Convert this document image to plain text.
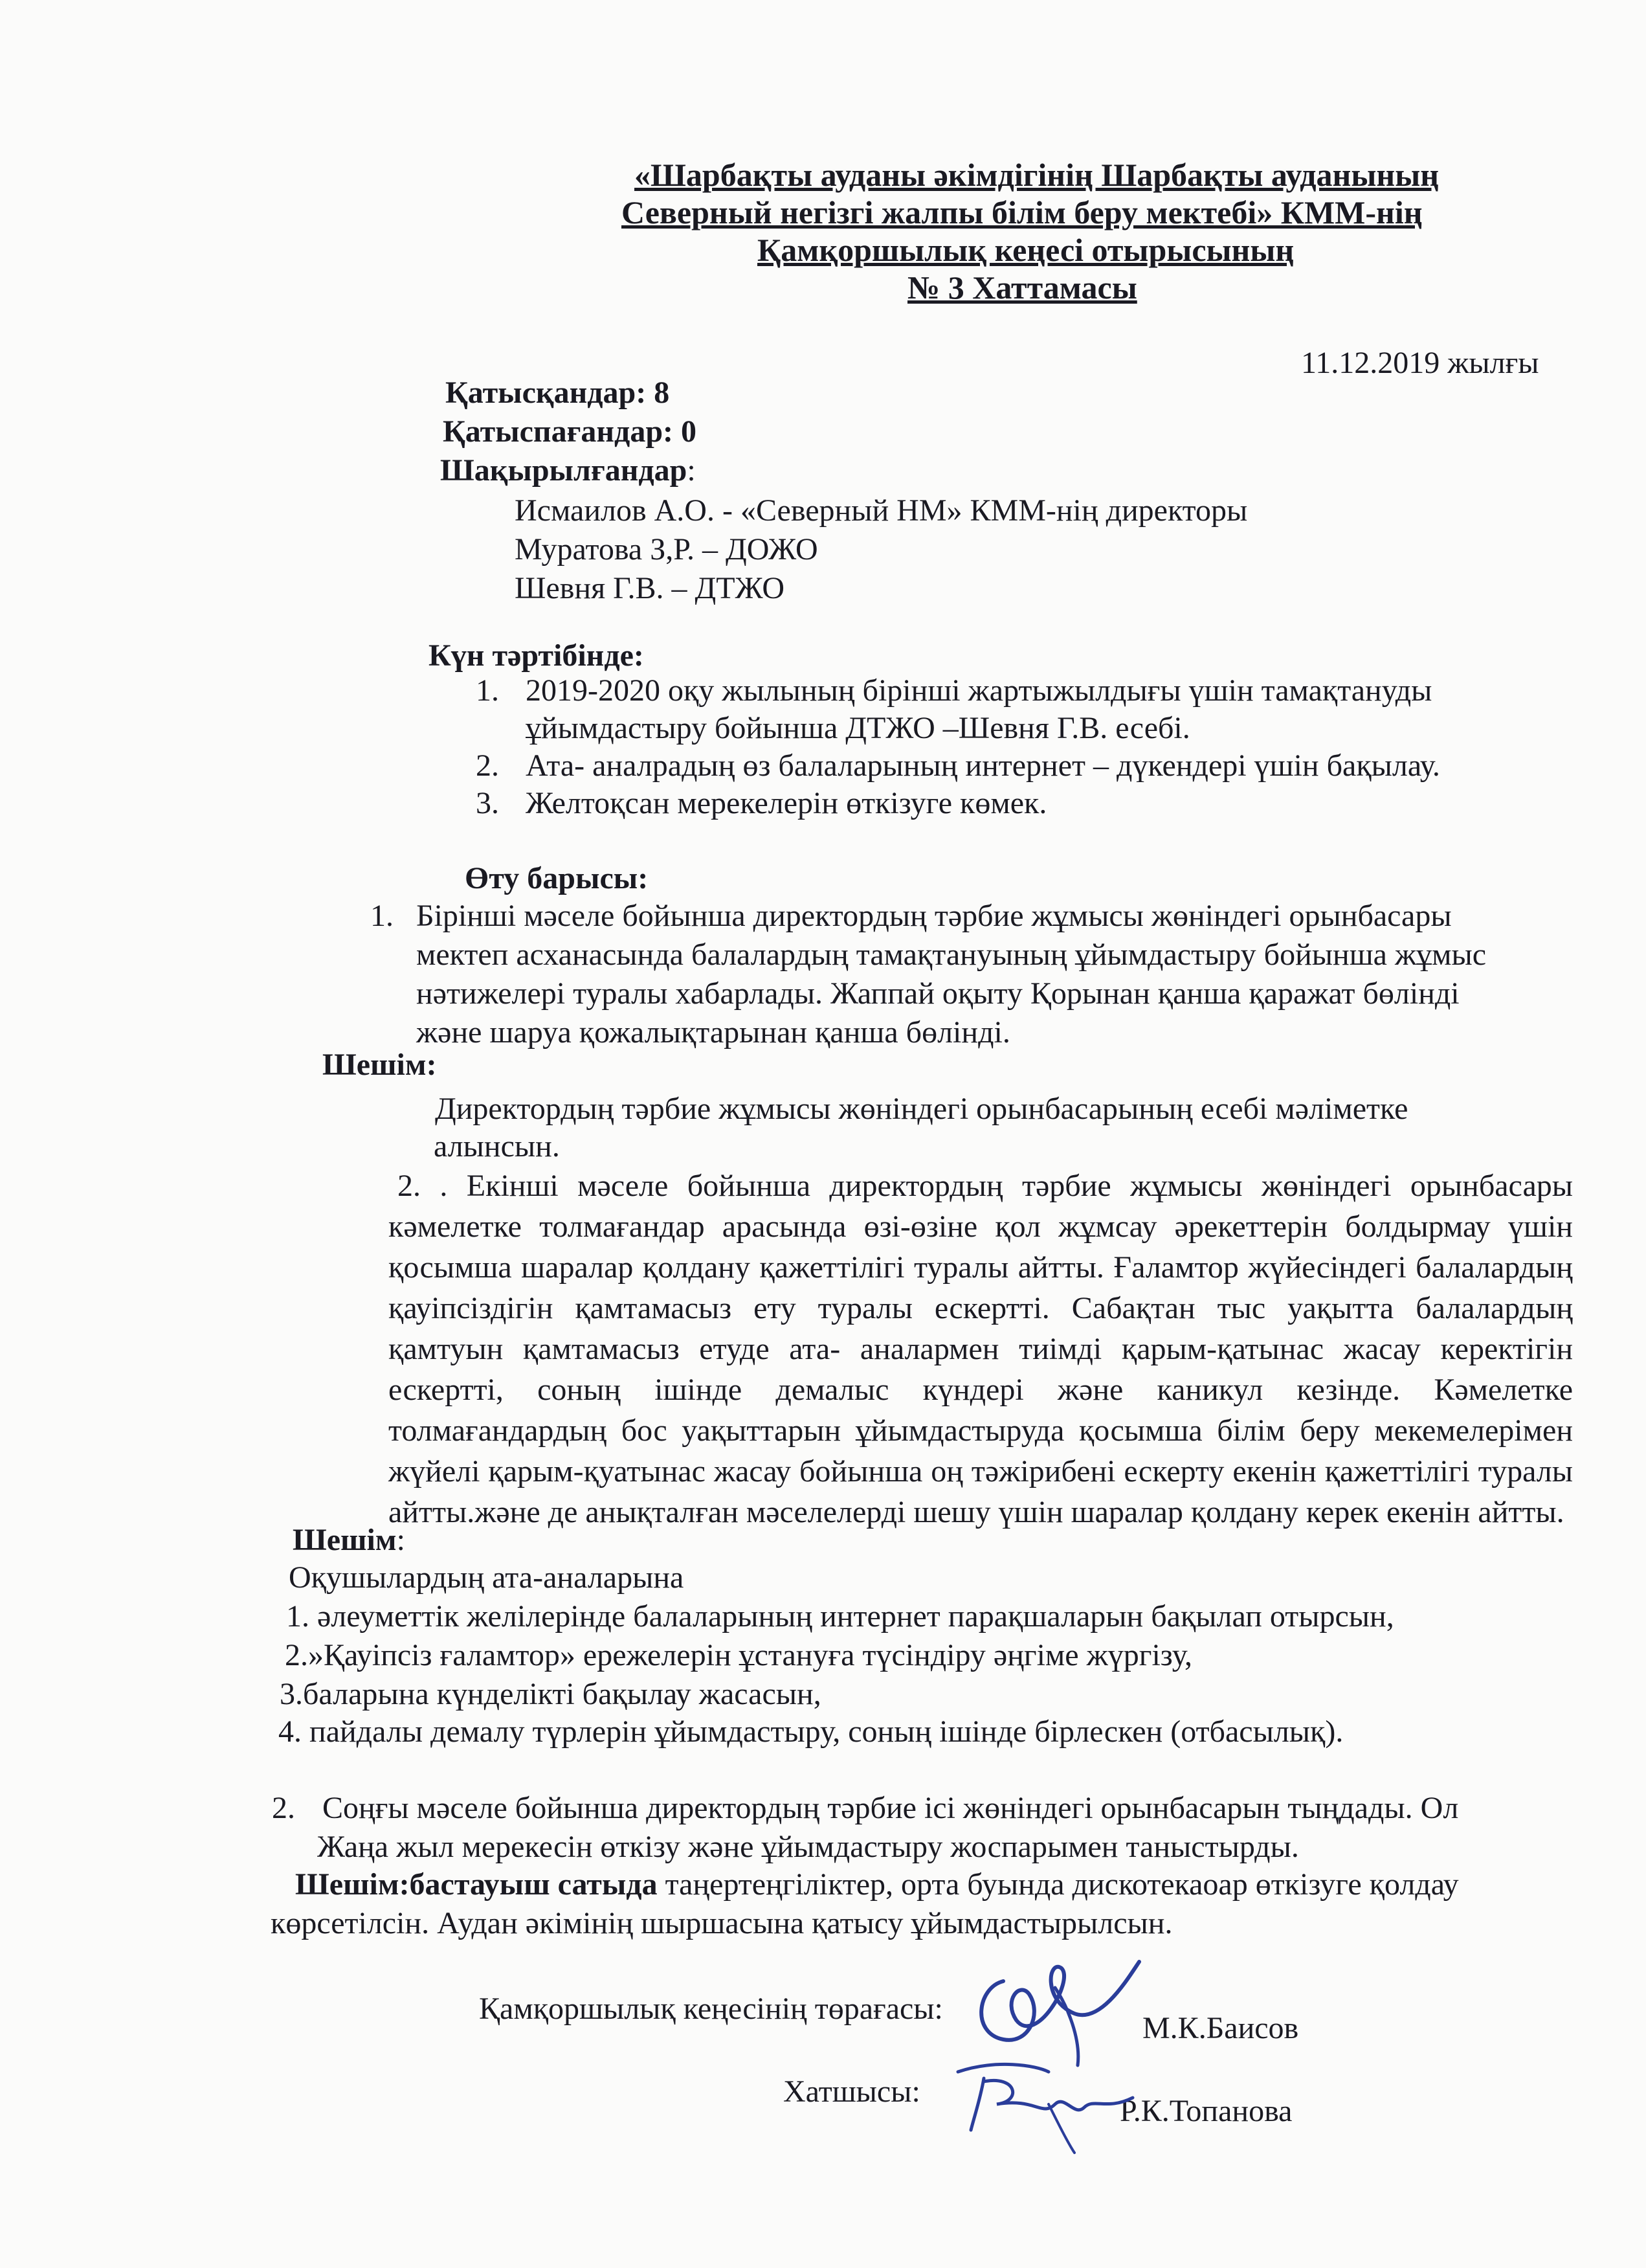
«Шарбақты ауданы әкімдігінің Шарбақты ауданының
Северный негізгі жалпы білім беру мектебі» КММ-нің
Қамқоршылық кеңесі отырысының
№ 3 Хаттамасы
11.12.2019 жылғы
Қатысқандар: 8
Қатыспағандар: 0
Шақырылғандар:
Исмаилов А.О. - «Северный НМ» КММ-нің директоры
Муратова З,Р. – ДОЖО
Шевня Г.В. – ДТЖО
Күн тәртібінде:
1. 2019-2020 оқу жылының бірінші жартыжылдығы үшін тамақтануды
ұйымдастыру бойынша ДТЖО –Шевня Г.В. есебі.
2. Ата- аналрадың өз балаларының интернет – дүкендері үшін бақылау.
3. Желтоқсан мерекелерін өткізуге көмек.
Өту барысы:
1. Бірінші мәселе бойынша директордың тәрбие жұмысы жөніндегі орынбасары
мектеп асханасында балалардың тамақтануының ұйымдастыру бойынша жұмыс
нәтижелері туралы хабарлады. Жаппай оқыту Қорынан қанша қаражат бөлінді
және шаруа қожалықтарынан қанша бөлінді.
Шешім:
Директордың тәрбие жұмысы жөніндегі орынбасарының есебі мәліметке
алынсын.
2. . Екінші мәселе бойынша директордың тәрбие жұмысы жөніндегі орынбасары кәмелетке толмағандар арасында өзі-өзіне қол жұмсау әрекеттерін болдырмау үшін қосымша шаралар қолдану қажеттілігі туралы айтты. Ғаламтор жүйесіндегі балалардың қауіпсіздігін қамтамасыз ету туралы ескертті. Сабақтан тыс уақытта балалардың қамтуын қамтамасыз етуде ата- аналармен тиімді қарым-қатынас жасау керектігін ескертті, соның ішінде демалыс күндері және каникул кезінде. Кәмелетке толмағандардың бос уақыттарын ұйымдастыруда қосымша білім беру мекемелерімен жүйелі қарым-қуатынас жасау бойынша оң тәжірибені ескерту екенін қажеттілігі туралы айтты.және де анықталған мәселелерді шешу үшін шаралар қолдану керек екенін айтты.
Шешім:
Оқушылардың ата-аналарына
1. әлеуметтік желілерінде балаларының интернет парақшаларын бақылап отырсын,
2.»Қауіпсіз ғаламтор» ережелерін ұстануға түсіндіру әңгіме жүргізу,
3.баларына күнделікті бақылау жасасын,
4. пайдалы демалу түрлерін ұйымдастыру, соның ішінде бірлескен (отбасылық).
2. Соңғы мәселе бойынша директордың тәрбие ісі жөніндегі орынбасарын тыңдады. Ол
Жаңа жыл мерекесін өткізу және ұйымдастыру жоспарымен таныстырды.
Шешім:бастауыш сатыда таңертеңгіліктер, орта буында дискотекаоар өткізуге қолдау
көрсетілсін. Аудан әкімінің шыршасына қатысу ұйымдастырылсын.
Қамқоршылық кеңесінің төрағасы:
М.К.Баисов
Хатшысы:
Р.К.Топанова
